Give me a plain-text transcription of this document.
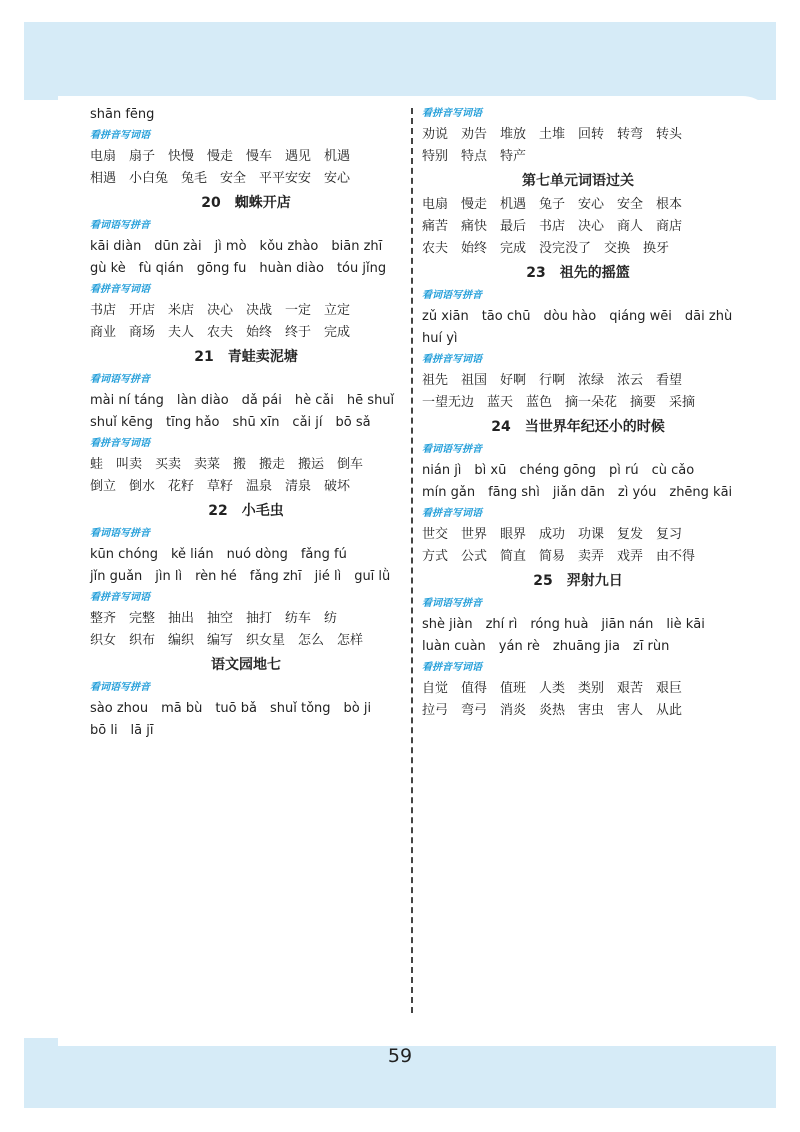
shān fēng

看拼音写词语

电扇　扇子　快慢　慢走　慢车　遇见　机遇

相遇　小白兔　兔毛　安全　平平安安　安心

20　蜘蛛开店

看词语写拼音

kāi diàn　dūn zài　jì mò　kǒu zhào　biān zhī

gù kè　fù qián　gōng fu　huàn diào　tóu jǐng

看拼音写词语

书店　开店　米店　决心　决战　一定　立定

商业　商场　夫人　农夫　始终　终于　完成

21　青蛙卖泥塘

看词语写拼音

mài ní táng　làn diào　dǎ pái　hè cǎi　hē shuǐ

shuǐ kēng　tīng hǎo　shū xīn　cǎi jí　bō sǎ

看拼音写词语

蛙　叫卖　买卖　卖菜　搬　搬走　搬运　倒车

倒立　倒水　花籽　草籽　温泉　清泉　破坏

22　小毛虫

看词语写拼音

kūn chóng　kě lián　nuó dòng　fǎng fú

jǐn guǎn　jìn lì　rèn hé　fǎng zhī　jié lì　guī lǜ

看拼音写词语

整齐　完整　抽出　抽空　抽打　纺车　纺

织女　织布　编织　编写　织女星　怎么　怎样

语文园地七

看词语写拼音

sào zhou　mā bù　tuō bǎ　shuǐ tǒng　bò ji

bō li　lā jī

看拼音写词语

劝说　劝告　堆放　土堆　回转　转弯　转头

特别　特点　特产

第七单元词语过关

电扇　慢走　机遇　兔子　安心　安全　根本

痛苦　痛快　最后　书店　决心　商人　商店

农夫　始终　完成　没完没了　交换　换牙

23　祖先的摇篮

看词语写拼音

zǔ xiān　tāo chū　dòu hào　qiáng wēi　dāi zhù

huí yì

看拼音写词语

祖先　祖国　好啊　行啊　浓绿　浓云　看望

一望无边　蓝天　蓝色　摘一朵花　摘要　采摘

24　当世界年纪还小的时候

看词语写拼音

nián jì　bì xū　chéng gōng　pì rú　cù cǎo

mín gǎn　fāng shì　jiǎn dān　zì yóu　zhēng kāi

看拼音写词语

世交　世界　眼界　成功　功课　复发　复习

方式　公式　简直　简易　卖弄　戏弄　由不得

25　羿射九日

看词语写拼音

shè jiàn　zhí rì　róng huà　jiān nán　liè kāi

luàn cuàn　yán rè　zhuāng jia　zī rùn

看拼音写词语

自觉　值得　值班　人类　类别　艰苦　艰巨

拉弓　弯弓　消炎　炎热　害虫　害人　从此

59
